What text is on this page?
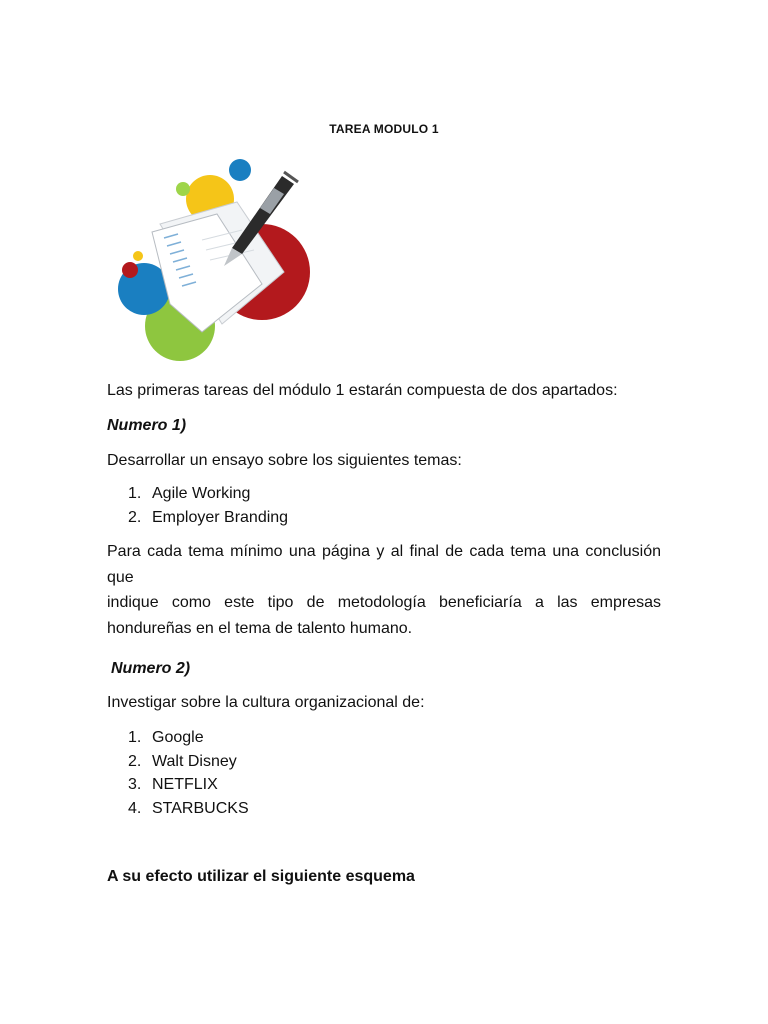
TAREA MODULO 1
Las primeras tareas del módulo 1 estarán compuesta de dos apartados:
Numero 1)
Desarrollar un ensayo sobre los siguientes temas:
1. Agile Working
2. Employer Branding
Para cada tema mínimo una página y al final de cada tema una conclusión que
indique como este tipo de metodología beneficiaría a las empresas
hondureñas en el tema de talento humano.
Numero 2)
Investigar sobre la cultura organizacional de:
1. Google
2. Walt Disney
3. NETFLIX
4. STARBUCKS
A su efecto utilizar el siguiente esquema
